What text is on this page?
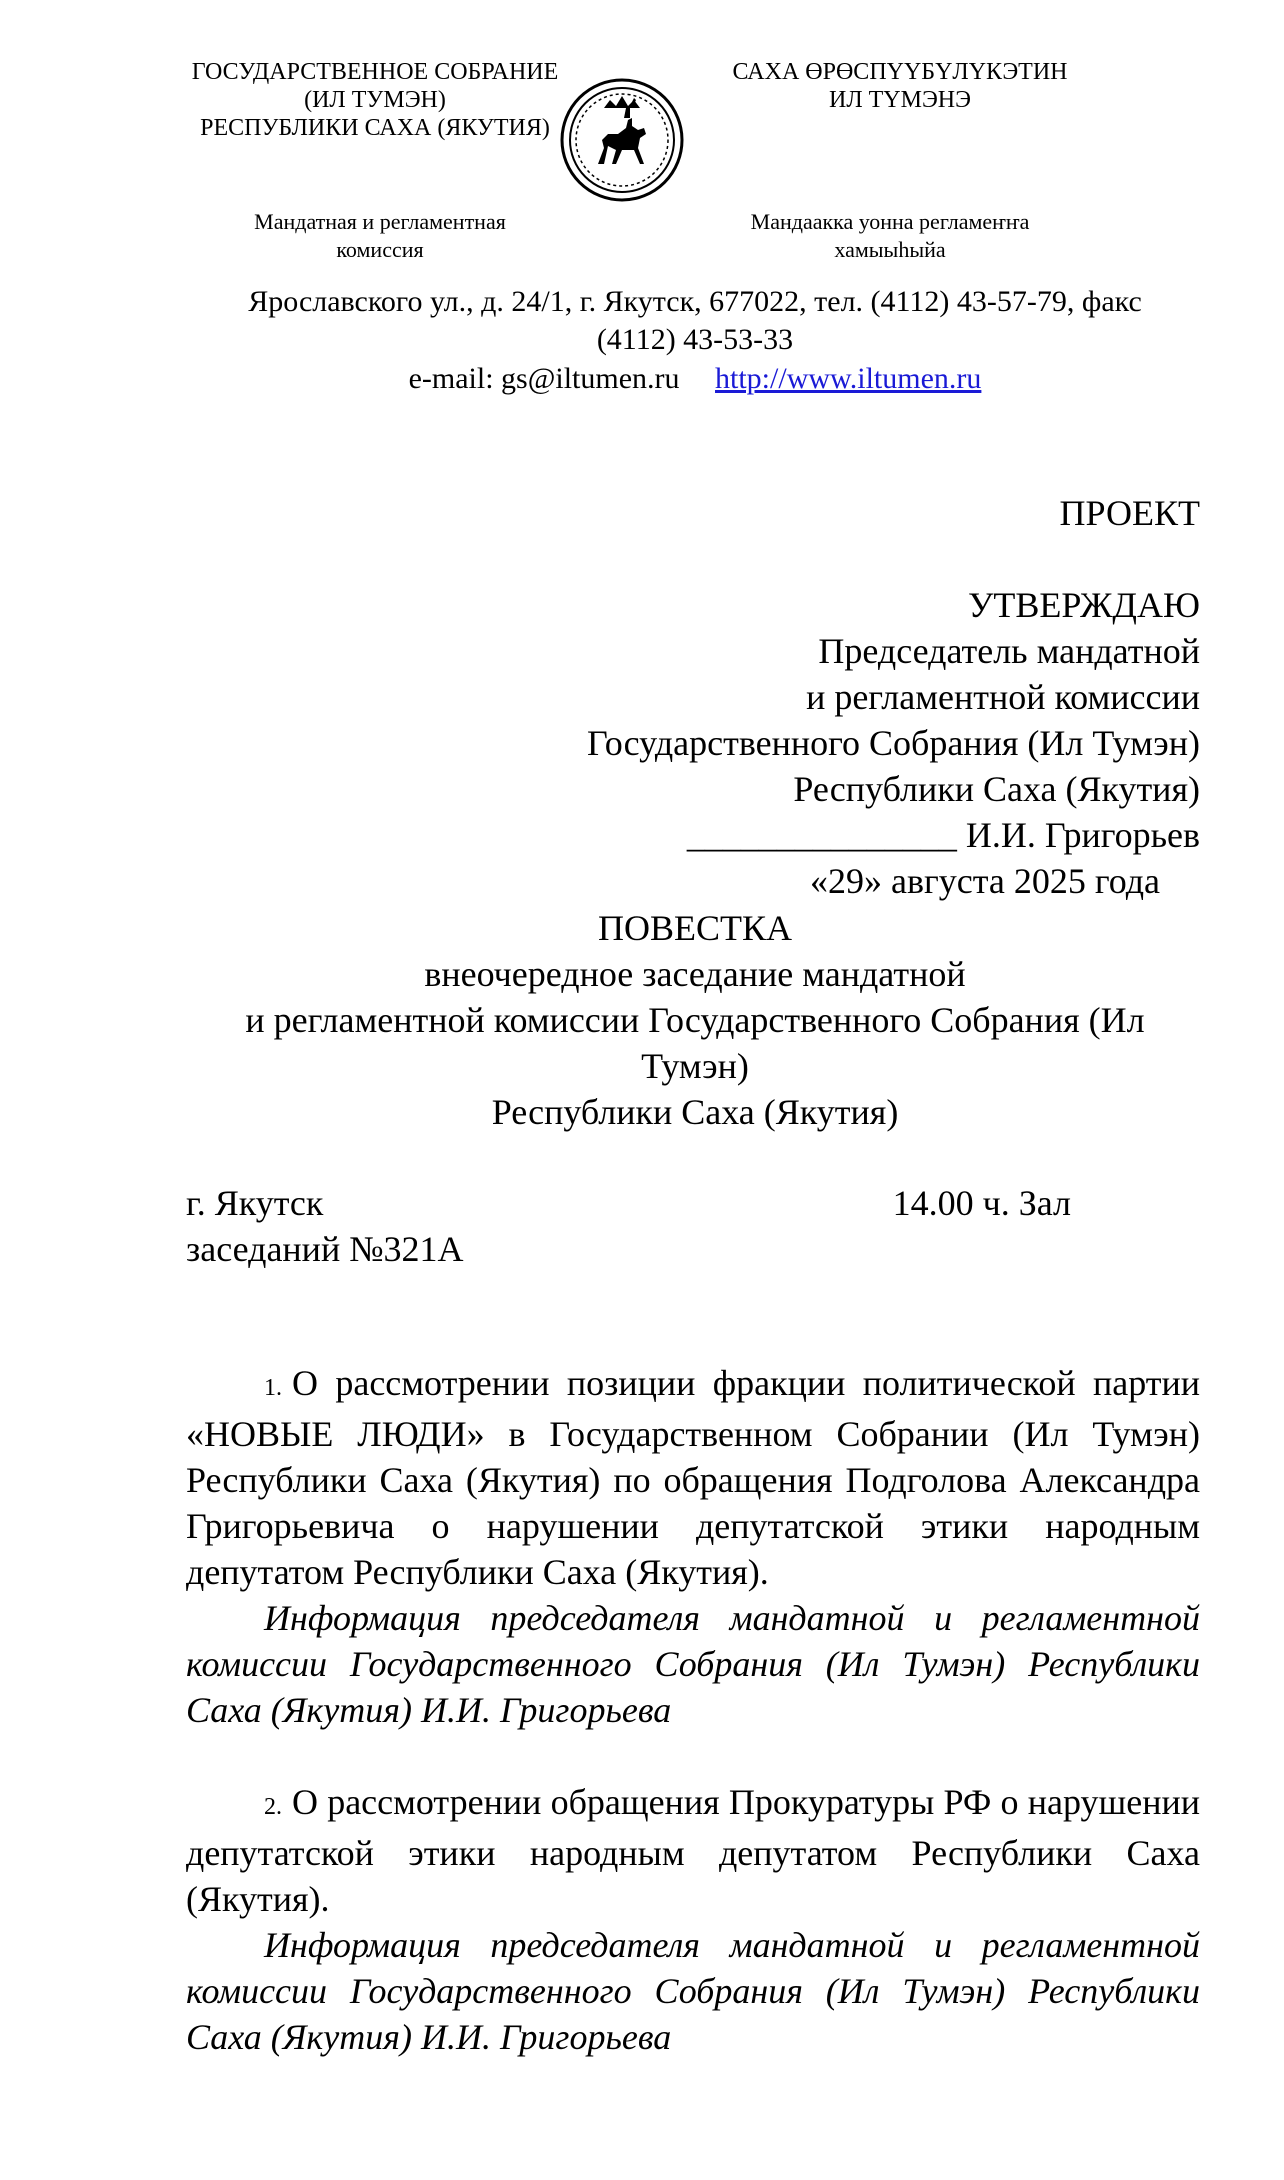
ГОСУДАРСТВЕННОЕ СОБРАНИЕ
(ИЛ ТУМЭН)
РЕСПУБЛИКИ САХА (ЯКУТИЯ)
САХА ӨРӨСПҮҮБҮЛҮКЭТИН
ИЛ ТҮМЭНЭ
Мандатная и регламентная
комиссия
Мандаакка уонна регламеҥҥа
хамыыһыйа
Ярославского ул., д. 24/1, г. Якутск, 677022, тел. (4112) 43-57-79, факс
(4112) 43-53-33
e-mail: gs@iltumen.ru http://www.iltumen.ru
ПРОЕКТ
УТВЕРЖДАЮ
Председатель мандатной
и регламентной комиссии
Государственного Собрания (Ил Тумэн)
Республики Саха (Якутия)
_______________ И.И. Григорьев
«29» августа 2025 года
ПОВЕСТКА
внеочередное заседание мандатной
и регламентной комиссии Государственного Собрания (Ил
Тумэн)
Республики Саха (Якутия)
г. Якутск	14.00 ч. Зал
заседаний №321А

1. О рассмотрении позиции фракции политической партии «НОВЫЕ ЛЮДИ» в Государственном Собрании (Ил Тумэн) Республики Саха (Якутия) по обращения Подголова Александра Григорьевича о нарушении депутатской этики народным депутатом Республики Саха (Якутия).

Информация председателя мандатной и регламентной комиссии Государственного Собрания (Ил Тумэн) Республики Саха (Якутия) И.И. Григорьева

2. О рассмотрении обращения Прокуратуры РФ о нарушении депутатской этики народным депутатом Республики Саха (Якутия).

Информация председателя мандатной и регламентной комиссии Государственного Собрания (Ил Тумэн) Республики Саха (Якутия) И.И. Григорьева
